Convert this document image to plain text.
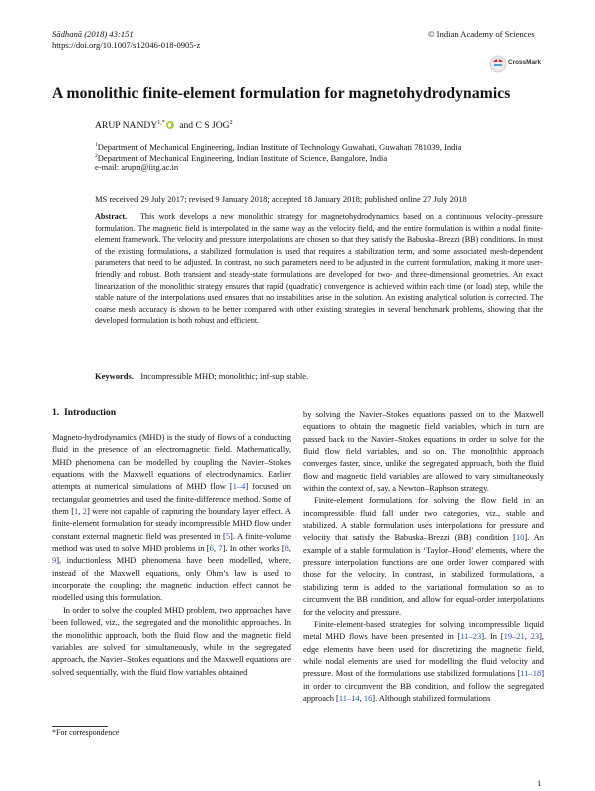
Sādhanā (2018) 43:151
https://doi.org/10.1007/s12046-018-0905-z
© Indian Academy of Sciences
CrossMark
A monolithic finite-element formulation for magnetohydrodynamics
ARUP $NANDY^{1,*}$ and C S JOG$^2$
$^1$Department of Mechanical Engineering, Indian Institute of Technology Guwahati, Guwahati 781039, India
$^2$Department of Mechanical Engineering, Indian Institute of Science, Bangalore, India
e-mail: arupn@iitg.ac.in
MS received 29 July 2017; revised 9 January 2018; accepted 18 January 2018; published online 27 July 2018
Abstract. This work develops a new monolithic strategy for magnetohydrodynamics based on a continuous velocity–pressure formulation. The magnetic field is interpolated in the same way as the velocity field, and the entire formulation is within a nodal finite-element framework. The velocity and pressure interpolations are chosen so that they satisfy the Babuska–Brezzi (BB) conditions. In most of the existing formulations, a stabilized formulation is used that requires a stabilization term, and some associated mesh-dependent parameters that need to be adjusted. In contrast, no such parameters need to be adjusted in the current formulation, making it more user-friendly and robust. Both transient and steady-state formulations are developed for two- and three-dimensional geometries. An exact linearization of the monolithic strategy ensures that rapid (quadratic) convergence is achieved within each time (or load) step, while the stable nature of the interpolations used ensures that no instabilities arise in the solution. An existing analytical solution is corrected. The coarse mesh accuracy is shown to be better compared with other existing strategies in several benchmark problems, showing that the developed formulation is both robust and efficient.
Keywords. Incompressible MHD; monolithic; inf-sup stable.
1. Introduction

Magneto-hydrodynamics (MHD) is the study of flows of a conducting fluid in the presence of an electromagnetic field. Mathematically, MHD phenomena can be modelled by coupling the Navier–Stokes equations with the Maxwell equations of electrodynamics. Earlier attempts at numerical simulations of MHD flow [1–4] focused on rectangular geometries and used the finite-difference method. Some of them [1, 2] were not capable of capturing the boundary layer effect. A finite-element formulation for steady incompressible MHD flow under constant external magnetic field was presented in [5]. A finite-volume method was used to solve MHD problems in [6, 7]. In other works [8, 9], inductionless MHD phenomena have been modelled, where, instead of the Maxwell equations, only Ohm’s law is used to incorporate the coupling; the magnetic induction effect cannot be modelled using this formulation.

In order to solve the coupled MHD problem, two approaches have been followed, viz., the segregated and the monolithic approaches. In the monolithic approach, both the fluid flow and the magnetic field variables are solved for simultaneously, while in the segregated approach, the Navier–Stokes equations and the Maxwell equations are solved sequentially, with the fluid flow variables obtained

by solving the Navier–Stokes equations passed on to the Maxwell equations to obtain the magnetic field variables, which in turn are passed back to the Navier–Stokes equations in order to solve for the fluid flow field variables, and so on. The monolithic approach converges faster, since, unlike the segregated approach, both the fluid flow and magnetic field variables are allowed to vary simultaneously within the context of, say, a Newton–Raphson strategy.

Finite-element formulations for solving the flow field in an incompressible fluid fall under two categories, viz., stable and stabilized. A stable formulation uses interpolations for pressure and velocity that satisfy the Babuska–Brezzi (BB) condition [10]. An example of a stable formulation is ‘Taylor–Hood’ elements, where the pressure interpolation functions are one order lower compared with those for the velocity. In contrast, in stabilized formulations, a stabilizing term is added to the variational formulation so as to circumvent the BB condition, and allow for equal-order interpolations for the velocity and pressure.

Finite-element-based strategies for solving incompressible liquid metal MHD flows have been presented in [11–23]. In [19–21, 23], edge elements have been used for discretizing the magnetic field, while nodal elements are used for modelling the fluid velocity and pressure. Most of the formulations use stabilized formulations [11–18] in order to circumvent the BB condition, and follow the segregated approach [11–14, 16]. Although stabilized formulations

*For correspondence
1
